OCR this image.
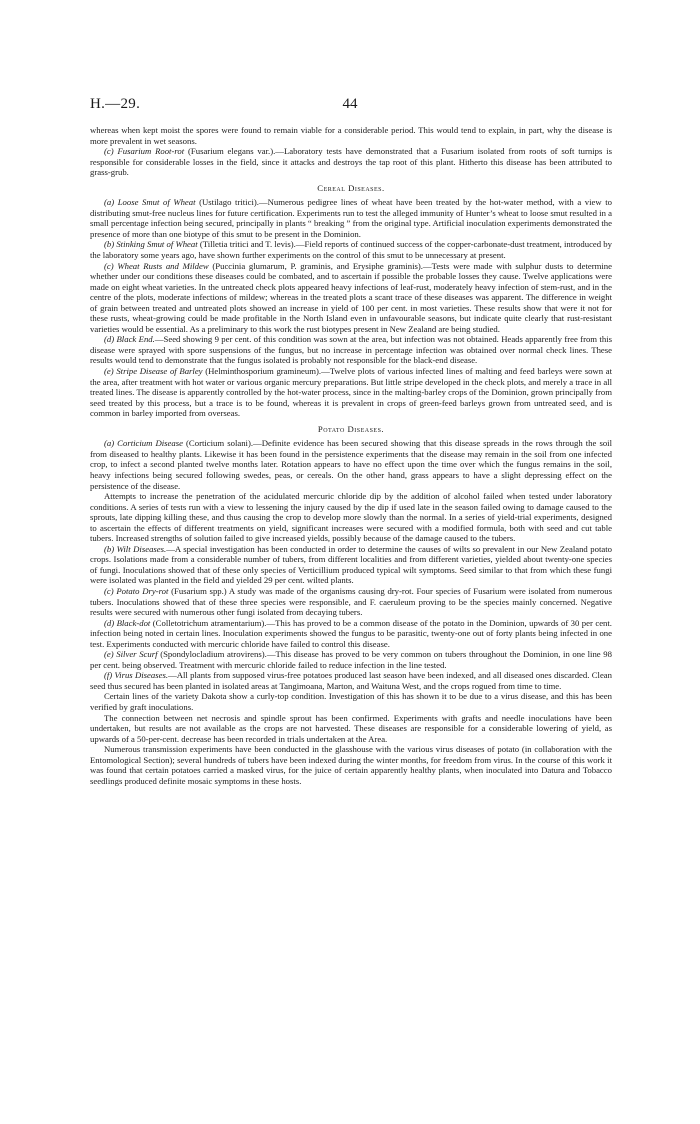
H.—29.	44

whereas when kept moist the spores were found to remain viable for a considerable period. This would tend to explain, in part, why the disease is more prevalent in wet seasons.

(c) Fusarium Root-rot (Fusarium elegans var.).—Laboratory tests have demonstrated that a Fusarium isolated from roots of soft turnips is responsible for considerable losses in the field, since it attacks and destroys the tap root of this plant. Hitherto this disease has been attributed to grass-grub.

Cereal Diseases.

(a) Loose Smut of Wheat (Ustilago tritici).—Numerous pedigree lines of wheat have been treated by the hot-water method, with a view to distributing smut-free nucleus lines for future certification. Experiments run to test the alleged immunity of Hunter’s wheat to loose smut resulted in a small percentage infection being secured, principally in plants “ breaking ” from the original type. Artificial inoculation experiments demonstrated the presence of more than one biotype of this smut to be present in the Dominion.

(b) Stinking Smut of Wheat (Tilletia tritici and T. levis).—Field reports of continued success of the copper-carbonate-dust treatment, introduced by the laboratory some years ago, have shown further experiments on the control of this smut to be unnecessary at present.

(c) Wheat Rusts and Mildew (Puccinia glumarum, P. graminis, and Erysiphe graminis).—Tests were made with sulphur dusts to determine whether under our conditions these diseases could be combated, and to ascertain if possible the probable losses they cause. Twelve applications were made on eight wheat varieties. In the untreated check plots appeared heavy infections of leaf-rust, moderately heavy infection of stem-rust, and in the centre of the plots, moderate infections of mildew; whereas in the treated plots a scant trace of these diseases was apparent. The difference in weight of grain between treated and untreated plots showed an increase in yield of 100 per cent. in most varieties. These results show that were it not for these rusts, wheat-growing could be made profitable in the North Island even in unfavourable seasons, but indicate quite clearly that rust-resistant varieties would be essential. As a preliminary to this work the rust biotypes present in New Zealand are being studied.

(d) Black End.—Seed showing 9 per cent. of this condition was sown at the area, but infection was not obtained. Heads apparently free from this disease were sprayed with spore suspensions of the fungus, but no increase in percentage infection was obtained over normal check lines. These results would tend to demonstrate that the fungus isolated is probably not responsible for the black-end disease.

(e) Stripe Disease of Barley (Helminthosporium gramineum).—Twelve plots of various infected lines of malting and feed barleys were sown at the area, after treatment with hot water or various organic mercury preparations. But little stripe developed in the check plots, and merely a trace in all treated lines. The disease is apparently controlled by the hot-water process, since in the malting-barley crops of the Dominion, grown principally from seed treated by this process, but a trace is to be found, whereas it is prevalent in crops of green-feed barleys grown from untreated seed, and is common in barley imported from overseas.

Potato Diseases.

(a) Corticium Disease (Corticium solani).—Definite evidence has been secured showing that this disease spreads in the rows through the soil from diseased to healthy plants. Likewise it has been found in the persistence experiments that the disease may remain in the soil from one infected crop, to infect a second planted twelve months later. Rotation appears to have no effect upon the time over which the fungus remains in the soil, heavy infections being secured following swedes, peas, or cereals. On the other hand, grass appears to have a slight depressing effect on the persistence of the disease.

Attempts to increase the penetration of the acidulated mercuric chloride dip by the addition of alcohol failed when tested under laboratory conditions. A series of tests run with a view to lessening the injury caused by the dip if used late in the season failed owing to damage caused to the sprouts, late dipping killing these, and thus causing the crop to develop more slowly than the normal. In a series of yield-trial experiments, designed to ascertain the effects of different treatments on yield, significant increases were secured with a modified formula, both with seed and cut table tubers. Increased strengths of solution failed to give increased yields, possibly because of the damage caused to the tubers.

(b) Wilt Diseases.—A special investigation has been conducted in order to determine the causes of wilts so prevalent in our New Zealand potato crops. Isolations made from a considerable number of tubers, from different localities and from different varieties, yielded about twenty-one species of fungi. Inoculations showed that of these only species of Verticillium produced typical wilt symptoms. Seed similar to that from which these fungi were isolated was planted in the field and yielded 29 per cent. wilted plants.

(c) Potato Dry-rot (Fusarium spp.) A study was made of the organisms causing dry-rot. Four species of Fusarium were isolated from numerous tubers. Inoculations showed that of these three species were responsible, and F. caeruleum proving to be the species mainly concerned. Negative results were secured with numerous other fungi isolated from decaying tubers.

(d) Black-dot (Colletotrichum atramentarium).—This has proved to be a common disease of the potato in the Dominion, upwards of 30 per cent. infection being noted in certain lines. Inoculation experiments showed the fungus to be parasitic, twenty-one out of forty plants being infected in one test. Experiments conducted with mercuric chloride have failed to control this disease.

(e) Silver Scurf (Spondylocladium atrovirens).—This disease has proved to be very common on tubers throughout the Dominion, in one line 98 per cent. being observed. Treatment with mercuric chloride failed to reduce infection in the line tested.

(f) Virus Diseases.—All plants from supposed virus-free potatoes produced last season have been indexed, and all diseased ones discarded. Clean seed thus secured has been planted in isolated areas at Tangimoana, Marton, and Waituna West, and the crops rogued from time to time.

Certain lines of the variety Dakota show a curly-top condition. Investigation of this has shown it to be due to a virus disease, and this has been verified by graft inoculations.

The connection between net necrosis and spindle sprout has been confirmed. Experiments with grafts and needle inoculations have been undertaken, but results are not available as the crops are not harvested. These diseases are responsible for a considerable lowering of yield, as upwards of a 50-per-cent. decrease has been recorded in trials undertaken at the Area.

Numerous transmission experiments have been conducted in the glasshouse with the various virus diseases of potato (in collaboration with the Entomological Section); several hundreds of tubers have been indexed during the winter months, for freedom from virus. In the course of this work it was found that certain potatoes carried a masked virus, for the juice of certain apparently healthy plants, when inoculated into Datura and Tobacco seedlings produced definite mosaic symptoms in these hosts.
